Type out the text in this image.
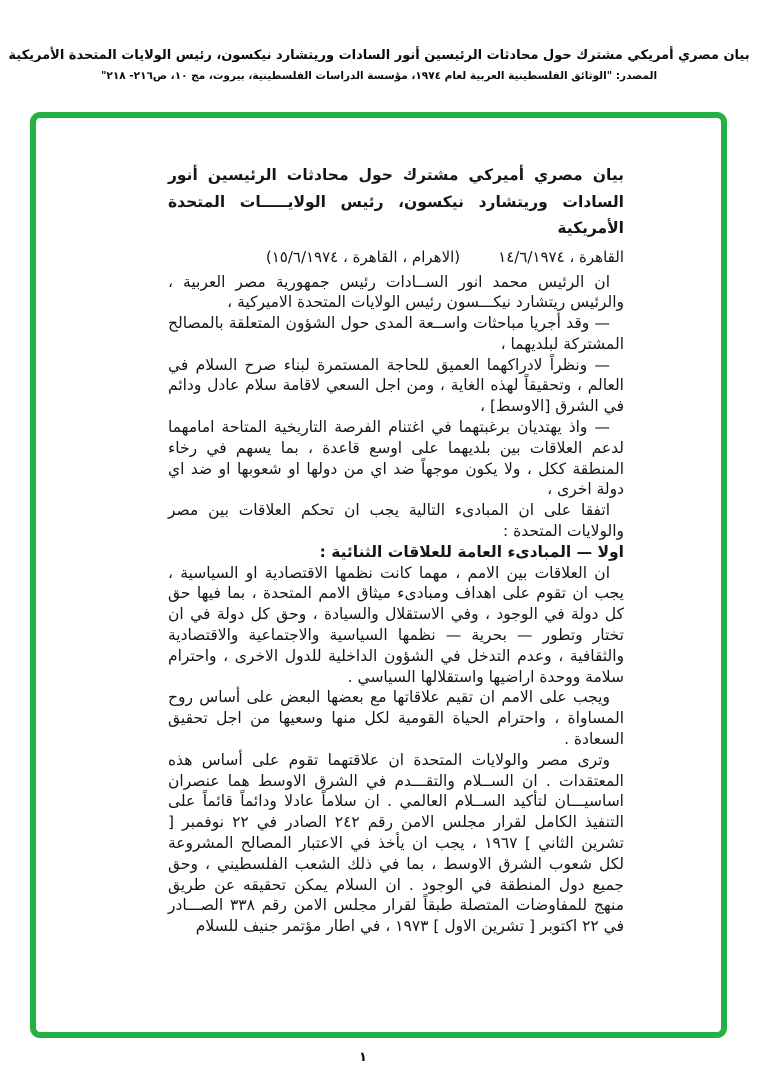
بيان مصري أمريكي مشترك حول محادثات الرئيسين أنور السادات وريتشارد نيكسون، رئيس الولايات المتحدة الأمريكية
المصدر: "الوثائق الفلسطينية العربية لعام ١٩٧٤، مؤسسة الدراسات الفلسطينية، بيروت، مج ١٠، ص٢١٦- ٢١٨"

بيان مصري أميركي مشترك حول محادثات الرئيسين أنور السادات وريتشارد نيكسون، رئيس الولايـــــات المتحدة الأمريكية

القاهرة ، ١٤/٦/١٩٧٤
(الاهرام ، القاهرة ، ١٥/٦/١٩٧٤)

ان الرئيس محمد انور الســادات رئيس جمهورية مصر العربية ، والرئيس ريتشارد نيكـــسون رئيس الولايات المتحدة الاميركية ،

— وقد أجريا مباحثات واســعة المدى حول الشؤون المتعلقة بالمصالح المشتركة لبلديهما ،

— ونظراً لادراكهما العميق للحاجة المستمرة لبناء صرح السلام في العالم ، وتحقيقاً لهذه الغاية ، ومن اجل السعي لاقامة سلام عادل ودائم في الشرق [الاوسط] ،

— واذ يهتديان برغبتهما في اغتنام الفرصة التاريخية المتاحة امامهما لدعم العلاقات بين بلديهما على اوسع قاعدة ، بما يسهم في رخاء المنطقة ككل ، ولا يكون موجهاً ضد اي من دولها او شعوبها او ضد اي دولة اخرى ،

اتفقا على ان المبادىء التالية يجب ان تحكم العلاقات بين مصر والولايات المتحدة :

اولا — المبادىء العامة للعلاقات الثنائية :

ان العلاقات بين الامم ، مهما كانت نظمها الاقتصادية او السياسية ، يجب ان تقوم على اهداف ومبادىء ميثاق الامم المتحدة ، بما فيها حق كل دولة في الوجود ، وفي الاستقلال والسيادة ، وحق كل دولة في ان تختار وتطور — بحرية — نظمها السياسية والاجتماعية والاقتصادية والثقافية ، وعدم التدخل في الشؤون الداخلية للدول الاخرى ، واحترام سلامة ووحدة اراضيها واستقلالها السياسي .

ويجب على الامم ان تقيم علاقاتها مع بعضها البعض على أساس روح المساواة ، واحترام الحياة القومية لكل منها وسعيها من اجل تحقيق السعادة .

وترى مصر والولايات المتحدة ان علاقتهما تقوم على أساس هذه المعتقدات . ان الســلام والتقـــدم في الشرق الاوسط هما عنصران اساسيـــان لتأكيد الســلام العالمي . ان سلاماً عادلا ودائماً قائماً على التنفيذ الكامل لقرار مجلس الامن رقم ٢٤٢ الصادر في ٢٢ نوفمبر [ تشرين الثاني ] ١٩٦٧ ، يجب ان يأخذ في الاعتبار المصالح المشروعة لكل شعوب الشرق الاوسط ، بما في ذلك الشعب الفلسطيني ، وحق جميع دول المنطقة في الوجود . ان السلام يمكن تحقيقه عن طريق منهج للمفاوضات المتصلة طبقاً لقرار مجلس الامن رقم ٣٣٨ الصـــادر في ٢٢ اكتوبر [ تشرين الاول ] ١٩٧٣ ، في اطار مؤتمر جنيف للسلام

١
